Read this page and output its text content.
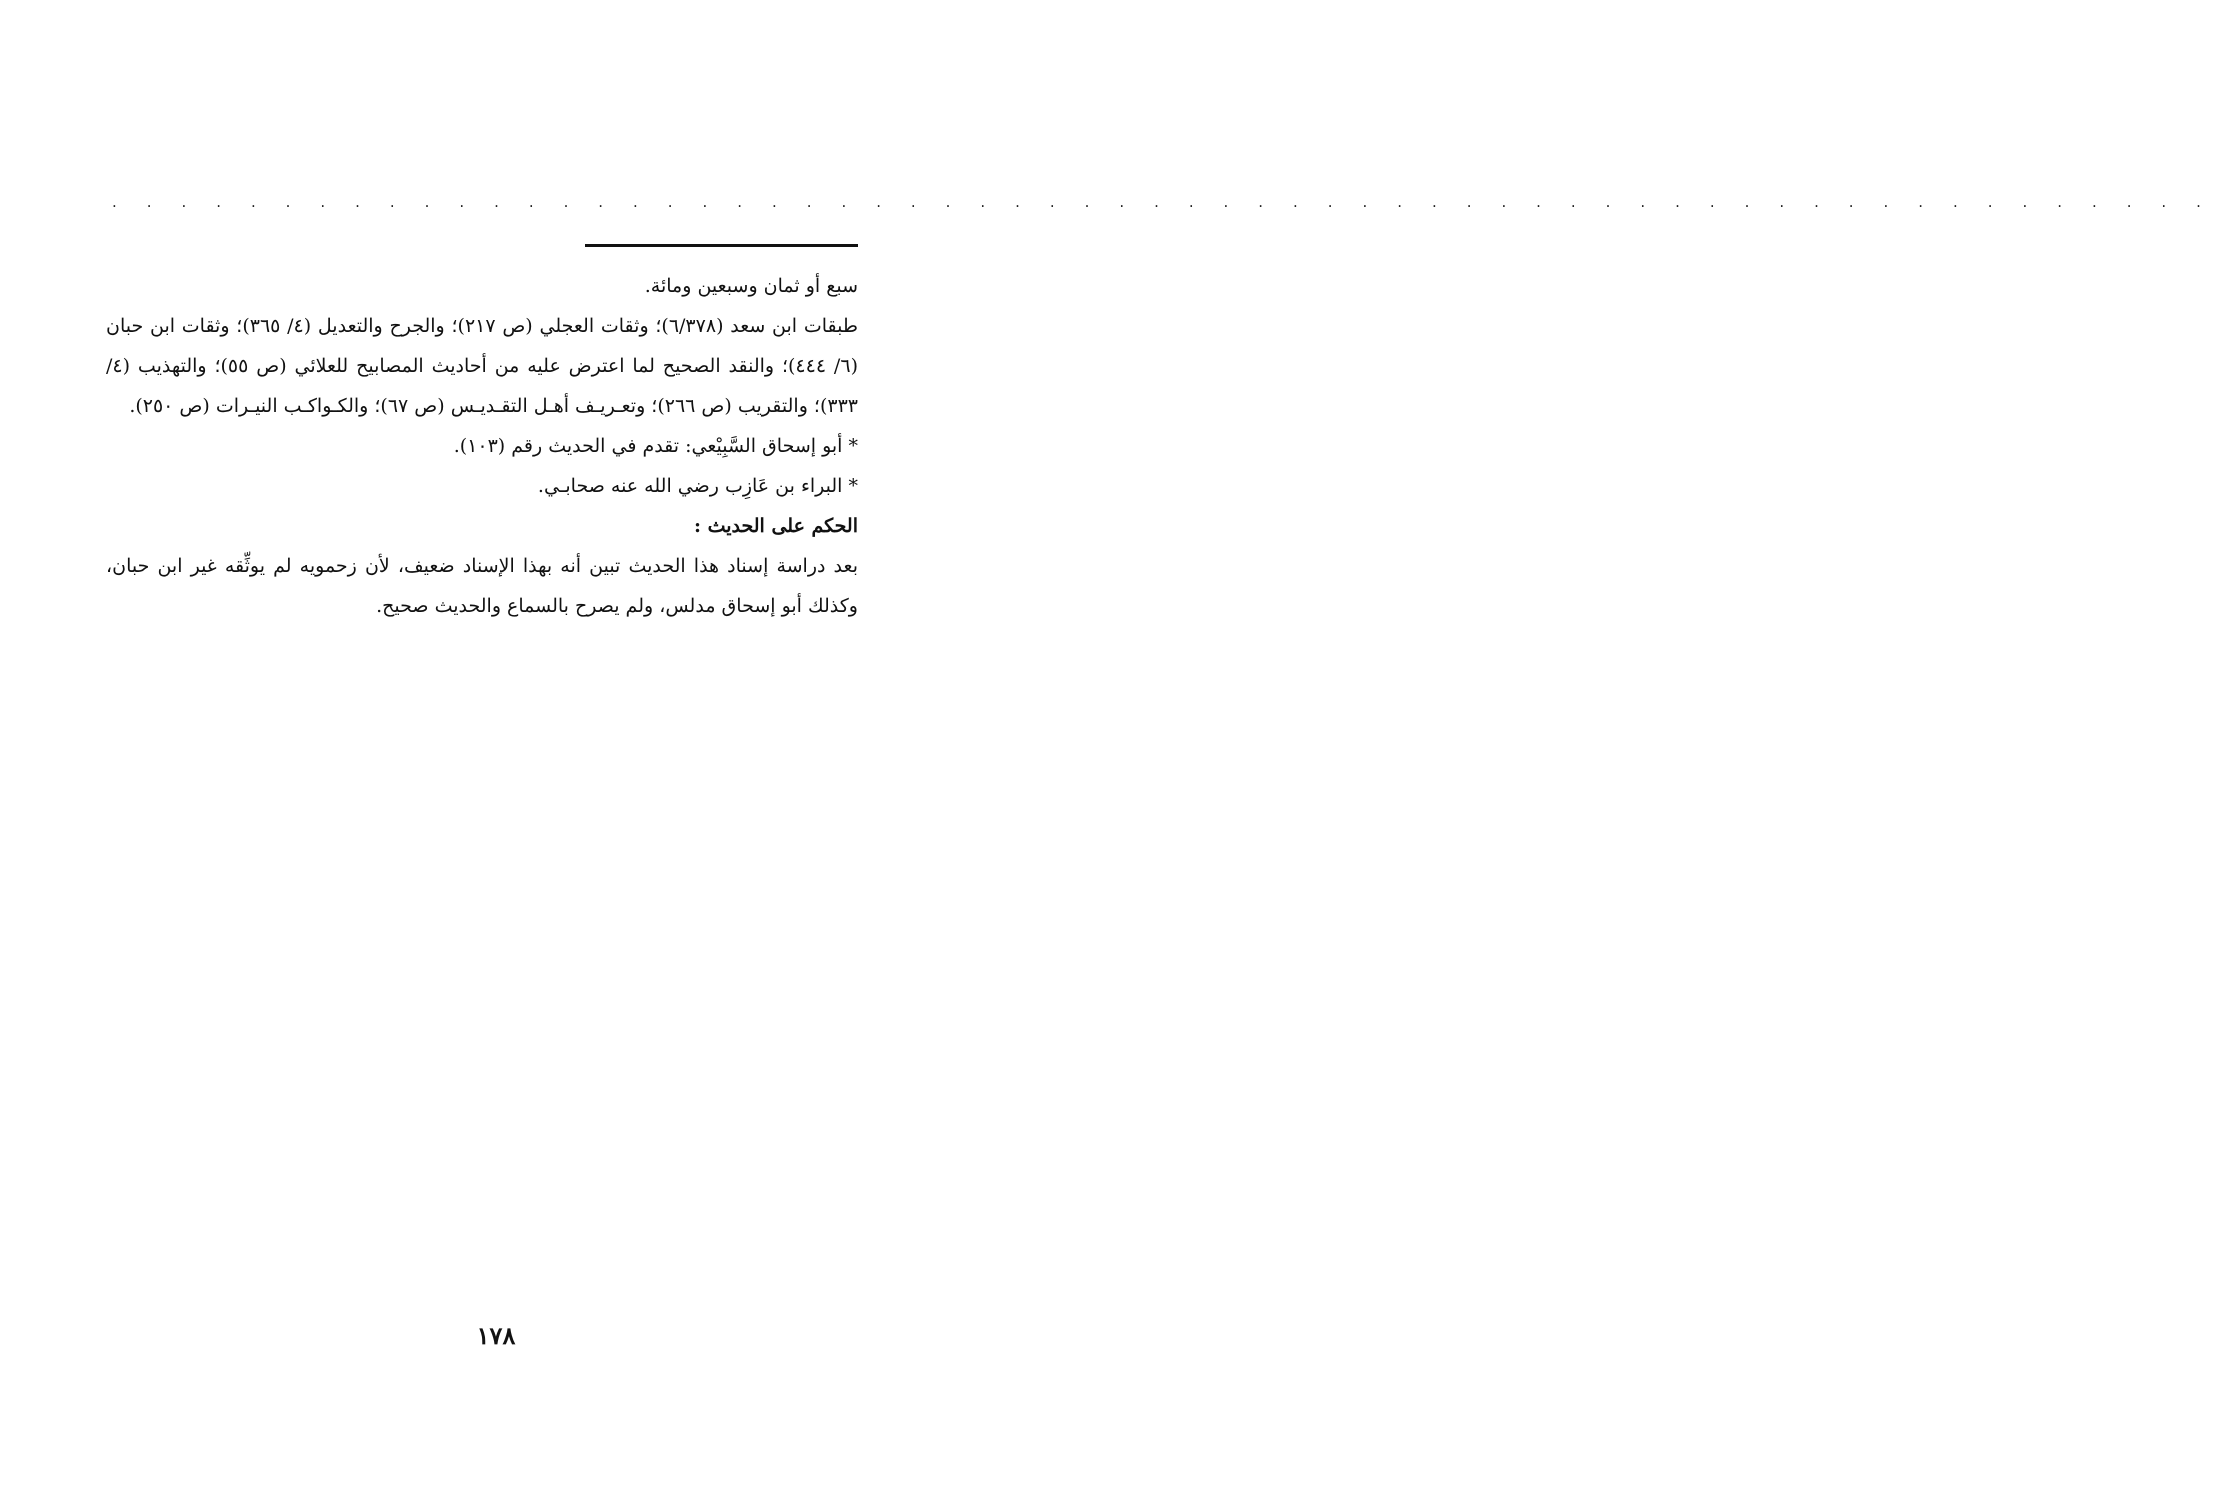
. . . . . . . . . . . . . . . . . . . . . . . . . . . . . . . . . . . . . . . . . . . . . . . . . . . . . . . . . . . . .

سبع أو ثمان وسبعين ومائة.

طبقات ابن سعد (٦/٣٧٨)؛ وثقات العجلي (ص ٢١٧)؛ والجرح والتعديل (٤/ ٣٦٥)؛ وثقات ابن حبان (٦/ ٤٤٤)؛ والنقد الصحيح لما اعترض عليه من أحاديث المصابيح للعلائي (ص ٥٥)؛ والتهذيب (٤/ ٣٣٣)؛ والتقريب (ص ٢٦٦)؛ وتعـريـف أهـل التقـديـس (ص ٦٧)؛ والكـواكـب النيـرات (ص ٢٥٠).

* أبو إسحاق السَّبِيْعي: تقدم في الحديث رقم (١٠٣).

* البراء بن عَازِب رضي الله عنه صحابـي.

الحكم على الحديث :

بعد دراسة إسناد هذا الحديث تبين أنه بهذا الإسناد ضعيف، لأن زحمويه لم يوثِّقه غير ابن حبان، وكذلك أبو إسحاق مدلس، ولم يصرح بالسماع والحديث صحيح.

١٧٨
